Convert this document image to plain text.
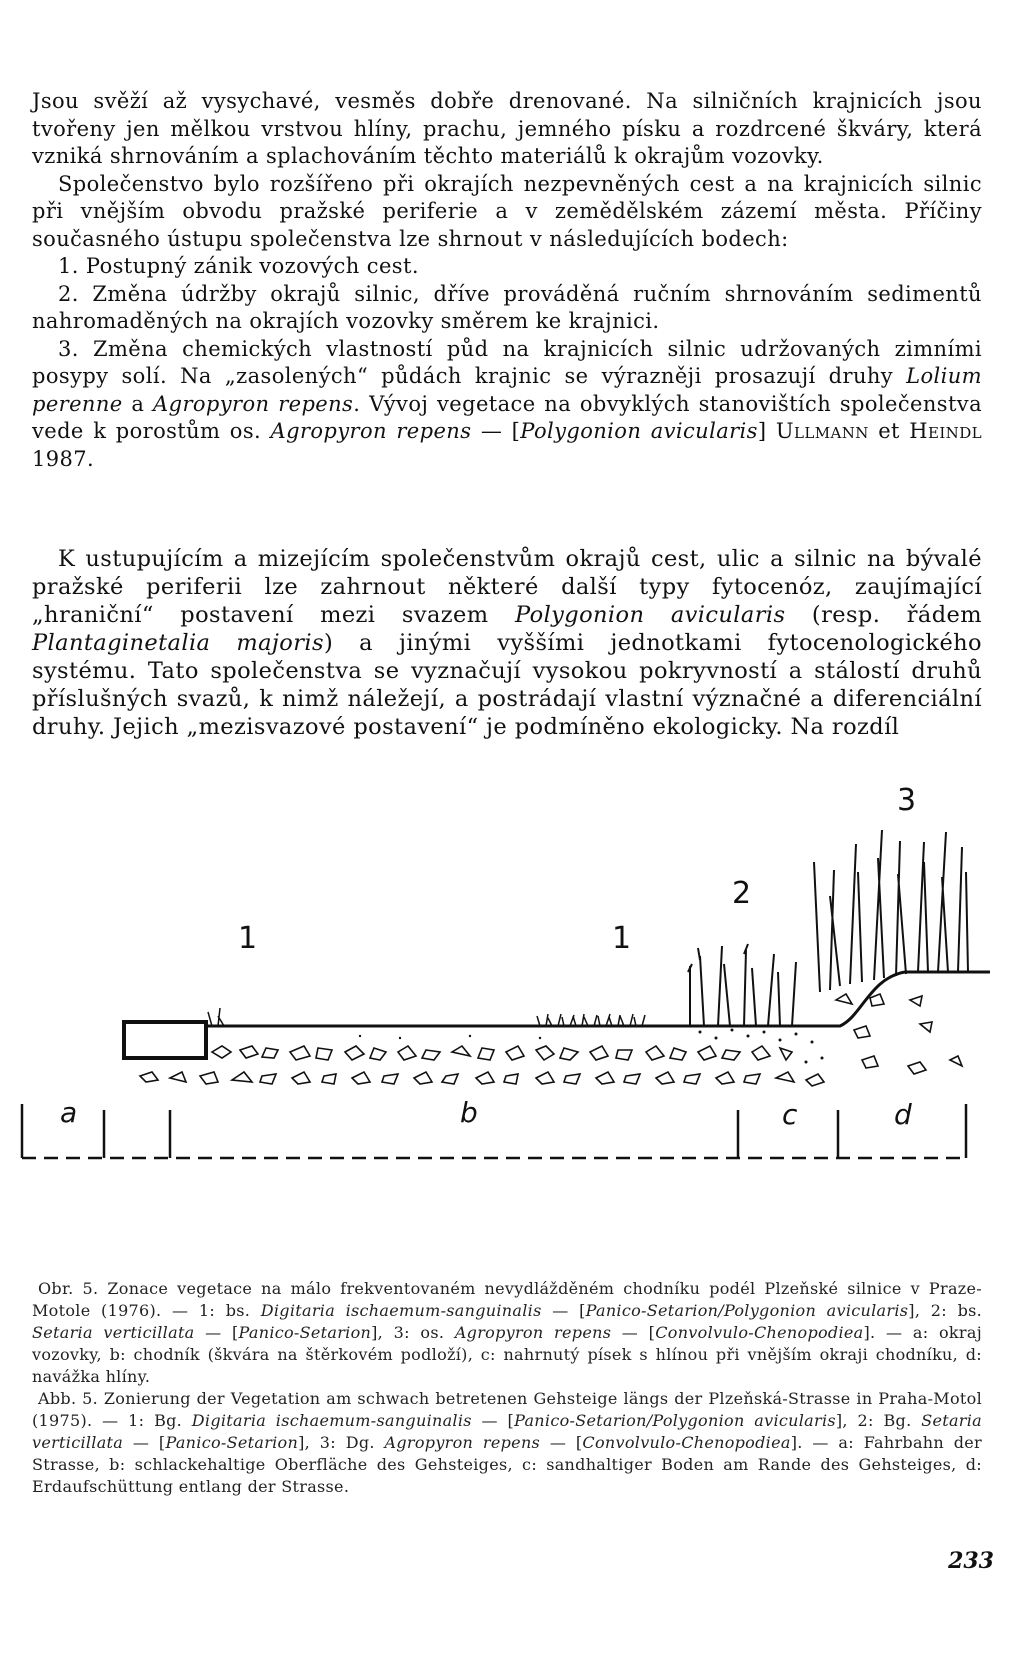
Jsou svěží až vysychavé, vesměs dobře drenované. Na silničních krajnicích jsou tvořeny jen mělkou vrstvou hlíny, prachu, jemného písku a rozdrcené škváry, která vzniká shrnováním a splachováním těchto materiálů k okrajům vozovky.

Společenstvo bylo rozšířeno při okrajích nezpevněných cest a na krajnicích silnic při vnějším obvodu pražské periferie a v zemědělském zázemí města. Příčiny současného ústupu společenstva lze shrnout v následujících bodech:

1. Postupný zánik vozových cest.

2. Změna údržby okrajů silnic, dříve prováděná ručním shrnováním sedimentů nahromaděných na okrajích vozovky směrem ke krajnici.

3. Změna chemických vlastností půd na krajnicích silnic udržovaných zimními posypy solí. Na „zasolených“ půdách krajnic se výrazněji prosazují druhy Lolium perenne a Agropyron repens. Vývoj vegetace na obvyklých stanovištích společenstva vede k porostům os. Agropyron repens — [Polygonion avicularis] Ullmann et Heindl 1987.

K ustupujícím a mizejícím společenstvům okrajů cest, ulic a silnic na bývalé pražské periferii lze zahrnout některé další typy fytocenóz, zaujímající „hraniční“ postavení mezi svazem Polygonion avicularis (resp. řádem Plantaginetalia majoris) a jinými vyššími jednotkami fytocenologického systému. Tato společenstva se vyznačují vysokou pokryvností a stálostí druhů příslušných svazů, k nimž náležejí, a postrádají vlastní význačné a diferenciální druhy. Jejich „mezisvazové postavení“ je podmíněno ekologicky. Na rozdíl

1	1
2
3
a	b	c	d

Obr. 5. Zonace vegetace na málo frekventovaném nevydlážděném chodníku podél Plzeňské silnice v Praze-Motole (1976). — 1: bs. Digitaria ischaemum-sanguinalis — [Panico-Setarion/Polygonion avicularis], 2: bs. Setaria verticillata — [Panico-Setarion], 3: os. Agropyron repens — [Convolvulo-Chenopodiea]. — a: okraj vozovky, b: chodník (škvára na štěrkovém podloží), c: nahrnutý písek s hlínou při vnějším okraji chodníku, d: navážka hlíny.

Abb. 5. Zonierung der Vegetation am schwach betretenen Gehsteige längs der Plzeňská-Strasse in Praha-Motol (1975). — 1: Bg. Digitaria ischaemum-sanguinalis — [Panico-Setarion/Polygonion avicularis], 2: Bg. Setaria verticillata — [Panico-Setarion], 3: Dg. Agropyron repens — [Convolvulo-Chenopodiea]. — a: Fahrbahn der Strasse, b: schlackehaltige Oberfläche des Gehsteiges, c: sandhaltiger Boden am Rande des Gehsteiges, d: Erdaufschüttung entlang der Strasse.

233
